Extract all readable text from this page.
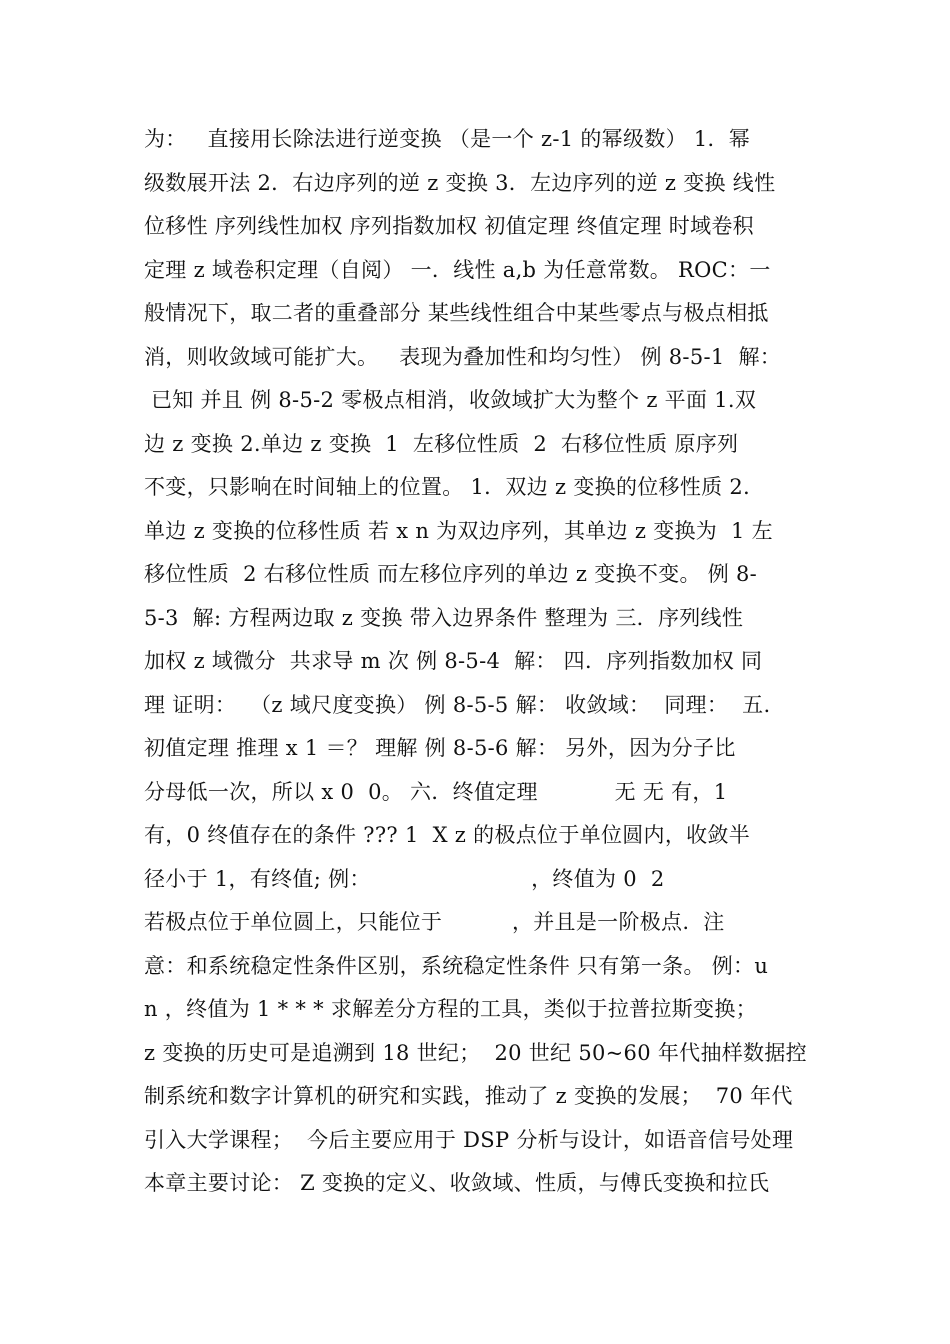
为：   直接用长除法进行逆变换 （是一个 z-1 的幂级数） 1．幂
级数展开法 2．右边序列的逆 z 变换 3．左边序列的逆 z 变换 线性
位移性 序列线性加权 序列指数加权 初值定理 终值定理 时域卷积
定理 z 域卷积定理（自阅） 一．线性 a,b 为任意常数。 ROC：一
般情况下，取二者的重叠部分 某些线性组合中某些零点与极点相抵
消，则收敛域可能扩大。   表现为叠加性和均匀性） 例 8-5-1  解：
已知 并且 例 8-5-2 零极点相消，收敛域扩大为整个 z 平面 1.双
边 z 变换 2.单边 z 变换  1  左移位性质  2  右移位性质 原序列
不变，只影响在时间轴上的位置。 1．双边 z 变换的位移性质 2．
单边 z 变换的位移性质 若 x n 为双边序列，其单边 z 变换为  1 左
移位性质  2 右移位性质 而左移位序列的单边 z 变换不变。 例 8-
5-3  解: 方程两边取 z 变换 带入边界条件 整理为 三．序列线性
加权 z 域微分  共求导 m 次 例 8-5-4  解： 四．序列指数加权 同
理 证明：  （z 域尺度变换） 例 8-5-5 解： 收敛域：  同理：  五.
初值定理 推理 x 1 ＝？ 理解 例 8-5-6 解： 另外，因为分子比
分母低一次，所以 x 0  0。 六．终值定理           无 无 有，1
有，0 终值存在的条件 ??? 1  X z 的极点位于单位圆内，收敛半
径小于 1，有终值; 例：                       ，终值为 0  2
若极点位于单位圆上，只能位于          ，并且是一阶极点.  注
意：和系统稳定性条件区别，系统稳定性条件 只有第一条。 例：u
n ，终值为 1 * * * 求解差分方程的工具，类似于拉普拉斯变换；
z 变换的历史可是追溯到 18 世纪；  20 世纪 50~60 年代抽样数据控
制系统和数字计算机的研究和实践，推动了 z 变换的发展；  70 年代
引入大学课程；  今后主要应用于 DSP 分析与设计，如语音信号处理
本章主要讨论： Z 变换的定义、收敛域、性质，与傅氏变换和拉氏
